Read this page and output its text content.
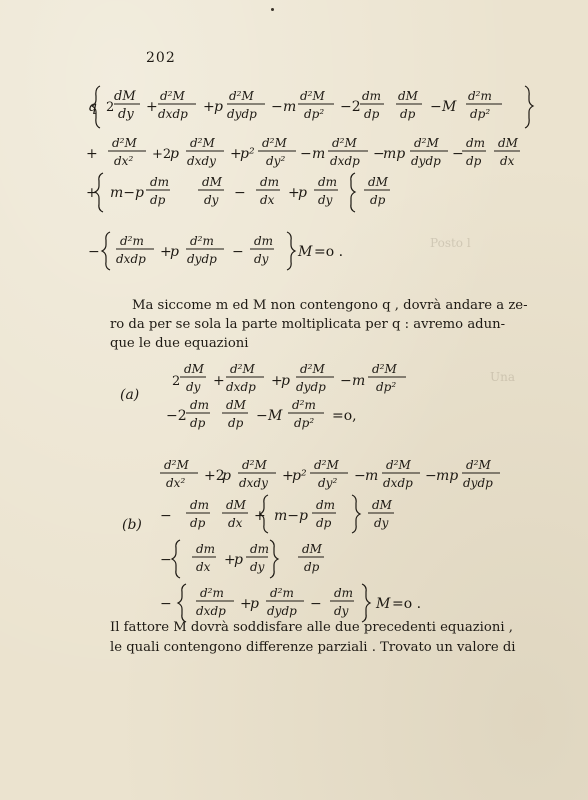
202
Posto l
Una
q 2
dM
dy +
d²M
dxdp + p
d²M
dydp − m
d²M
dp² −2
dm
dp
dM
dp − M
d²m
dp²
+
d²M
dx² +2
p
d²M
dxdy +
p²
d²M
dy² − m
d²M
dxdp −
mp
d²M
dydp −
dm
dp
dM
dx
+ m−p
dm
dp
dM
dy −
dm
dx +
p
dm
dy
dM
dp
−
d²m
dxdp +
p
d²m
dydp −
dm
dy M =o .
Ma siccome m ed M non contengono q , dovrà andare a ze-
ro da per se sola la parte moltiplicata per q : avremo adun-
que le due equazioni
(a)
2
dM
dy +
d²M
dxdp +
p
d²M
dydp − m
d²M
dp²
−2
dm
dp
dM
dp − M
d²m
dp² =o,
(b)
d²M
dx² +2
p
d²M
dxdy +
p²
d²M
dy² − m
d²M
dxdp − mp
d²M
dydp
−
dm
dp
dM
dx + m−p
dm
dp
dM
dy
−
dm
dx +
p
dm
dy
dM
dp
−
d²m
dxdp +
p
d²m
dydp −
dm
dy M =o .
Il fattore M dovrà soddisfare alle due precedenti equazioni ,
le quali contengono differenze parziali . Trovato un valore di
